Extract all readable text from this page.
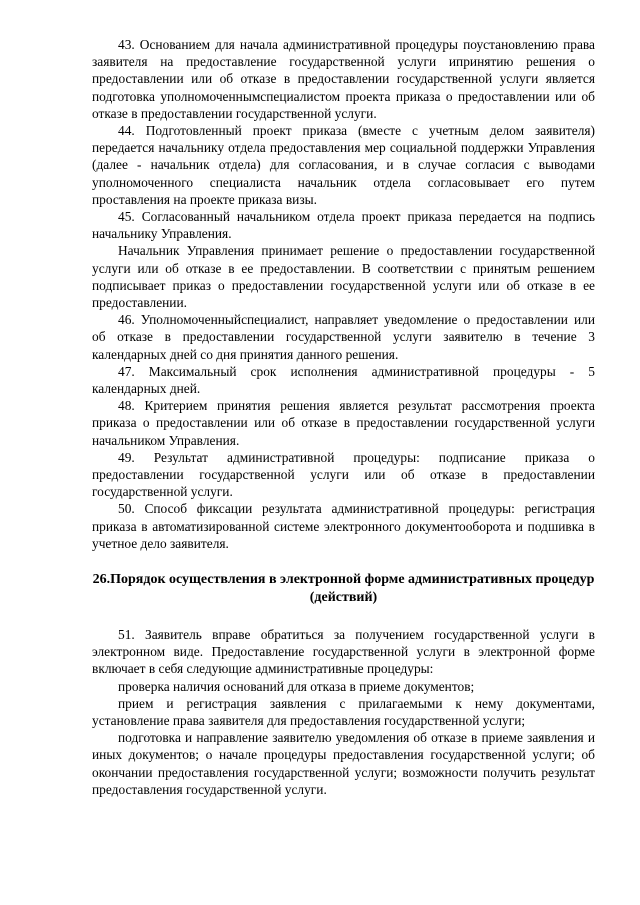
43. Основанием для начала административной процедуры поустановлению права заявителя на предоставление государственной услуги ипринятию решения о предоставлении или об отказе в предоставлении государственной услуги является подготовка уполномоченнымспециалистом проекта приказа о предоставлении или об отказе в предоставлении государственной услуги.

44. Подготовленный проект приказа (вместе с учетным делом заявителя) передается начальнику отдела предоставления мер социальной поддержки Управления (далее - начальник отдела) для согласования, и в случае согласия с выводами уполномоченного специалиста начальник отдела согласовывает его путем проставления на проекте приказа визы.

45. Согласованный начальником отдела проект приказа передается на подпись начальнику Управления.

Начальник Управления принимает решение о предоставлении государственной услуги или об отказе в ее предоставлении. В соответствии с принятым решением подписывает приказ о предоставлении государственной услуги или об отказе в ее предоставлении.

46. Уполномоченныйспециалист, направляет уведомление о предоставлении или об отказе в предоставлении государственной услуги заявителю в течение 3 календарных дней со дня принятия данного решения.

47. Максимальный срок исполнения административной процедуры - 5 календарных дней.

48. Критерием принятия решения является результат рассмотрения проекта приказа о предоставлении или об отказе в предоставлении государственной услуги начальником Управления.

49. Результат административной процедуры: подписание приказа о предоставлении государственной услуги или об отказе в предоставлении государственной услуги.

50. Способ фиксации результата административной процедуры: регистрация приказа в автоматизированной системе электронного документооборота и подшивка в учетное дело заявителя.

26.Порядок осуществления в электронной форме административных процедур (действий)

51. Заявитель вправе обратиться за получением государственной услуги в электронном виде. Предоставление государственной услуги в электронной форме включает в себя следующие административные процедуры:

проверка наличия оснований для отказа в приеме документов;

прием и регистрация заявления с прилагаемыми к нему документами, установление права заявителя для предоставления государственной услуги;

подготовка и направление заявителю уведомления об отказе в приеме заявления и иных документов; о начале процедуры предоставления государственной услуги; об окончании предоставления государственной услуги; возможности получить результат предоставления государственной услуги.
